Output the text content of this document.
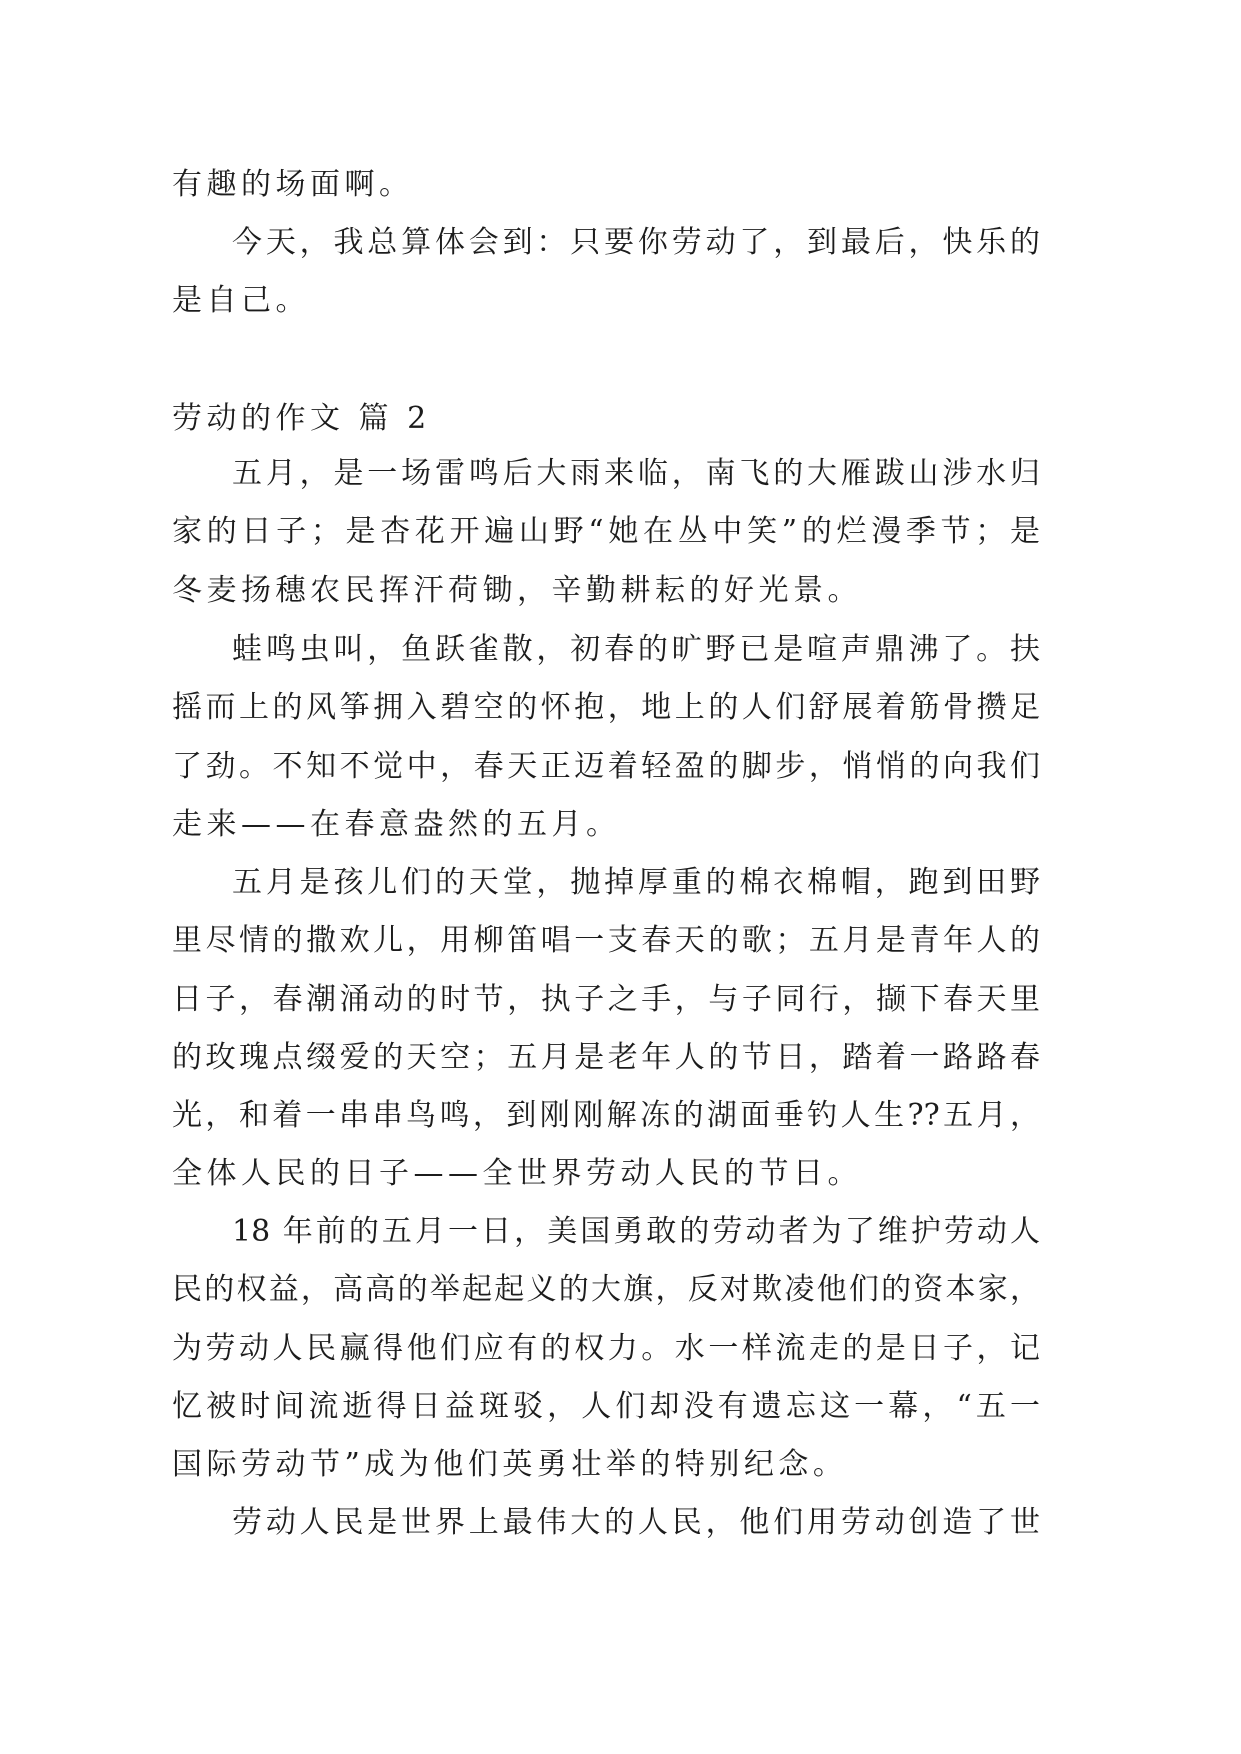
有趣的场面啊。
今天，我总算体会到：只要你劳动了，到最后，快乐的
是自己。
劳动的作文 篇 2
五月，是一场雷鸣后大雨来临，南飞的大雁跋山涉水归
家的日子；是杏花开遍山野“她在丛中笑”的烂漫季节；是
冬麦扬穗农民挥汗荷锄，辛勤耕耘的好光景。
蛙鸣虫叫，鱼跃雀散，初春的旷野已是喧声鼎沸了。扶
摇而上的风筝拥入碧空的怀抱，地上的人们舒展着筋骨攒足
了劲。不知不觉中，春天正迈着轻盈的脚步，悄悄的向我们
走来——在春意盎然的五月。
五月是孩儿们的天堂，抛掉厚重的棉衣棉帽，跑到田野
里尽情的撒欢儿，用柳笛唱一支春天的歌；五月是青年人的
日子，春潮涌动的时节，执子之手，与子同行，撷下春天里
的玫瑰点缀爱的天空；五月是老年人的节日，踏着一路路春
光，和着一串串鸟鸣，到刚刚解冻的湖面垂钓人生??五月，
全体人民的日子——全世界劳动人民的节日。
18 年前的五月一日，美国勇敢的劳动者为了维护劳动人
民的权益，高高的举起起义的大旗，反对欺凌他们的资本家，
为劳动人民赢得他们应有的权力。水一样流走的是日子，记
忆被时间流逝得日益斑驳，人们却没有遗忘这一幕，“五一
国际劳动节”成为他们英勇壮举的特别纪念。
劳动人民是世界上最伟大的人民，他们用劳动创造了世
